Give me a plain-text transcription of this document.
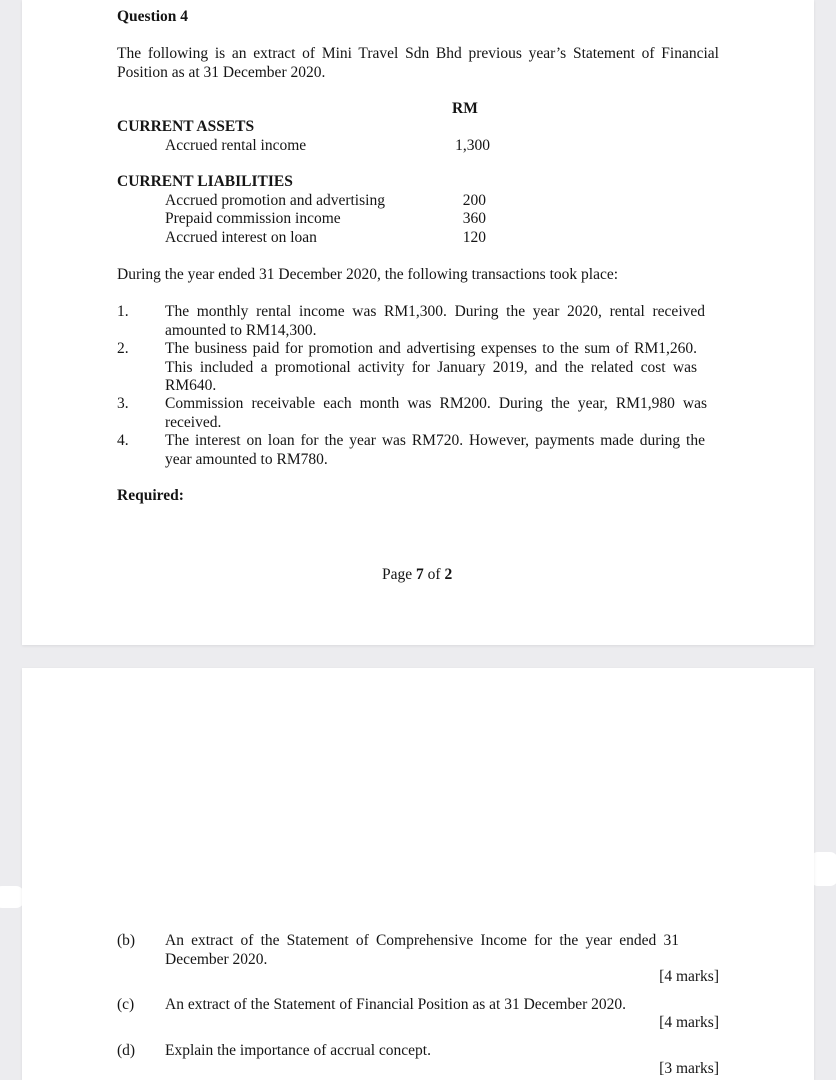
Question 4
The following is an extract of Mini Travel Sdn Bhd previous year’s Statement of Financial Position as at 31 December 2020.
RM
CURRENT ASSETS
Accrued rental income	1,300
CURRENT LIABILITIES
Accrued promotion and advertising	200
Prepaid commission income	360
Accrued interest on loan	120
During the year ended 31 December 2020, the following transactions took place:
1. The monthly rental income was RM1,300. During the year 2020, rental received amounted to RM14,300.
2. The business paid for promotion and advertising expenses to the sum of RM1,260. This included a promotional activity for January 2019, and the related cost was RM640.
3. Commission receivable each month was RM200. During the year, RM1,980 was received.
4. The interest on loan for the year was RM720. However, payments made during the year amounted to RM780.
Required:
Page 7 of 2
(b) An extract of the Statement of Comprehensive Income for the year ended 31 December 2020.
[4 marks]
(c) An extract of the Statement of Financial Position as at 31 December 2020.
[4 marks]
(d) Explain the importance of accrual concept.
[3 marks]
